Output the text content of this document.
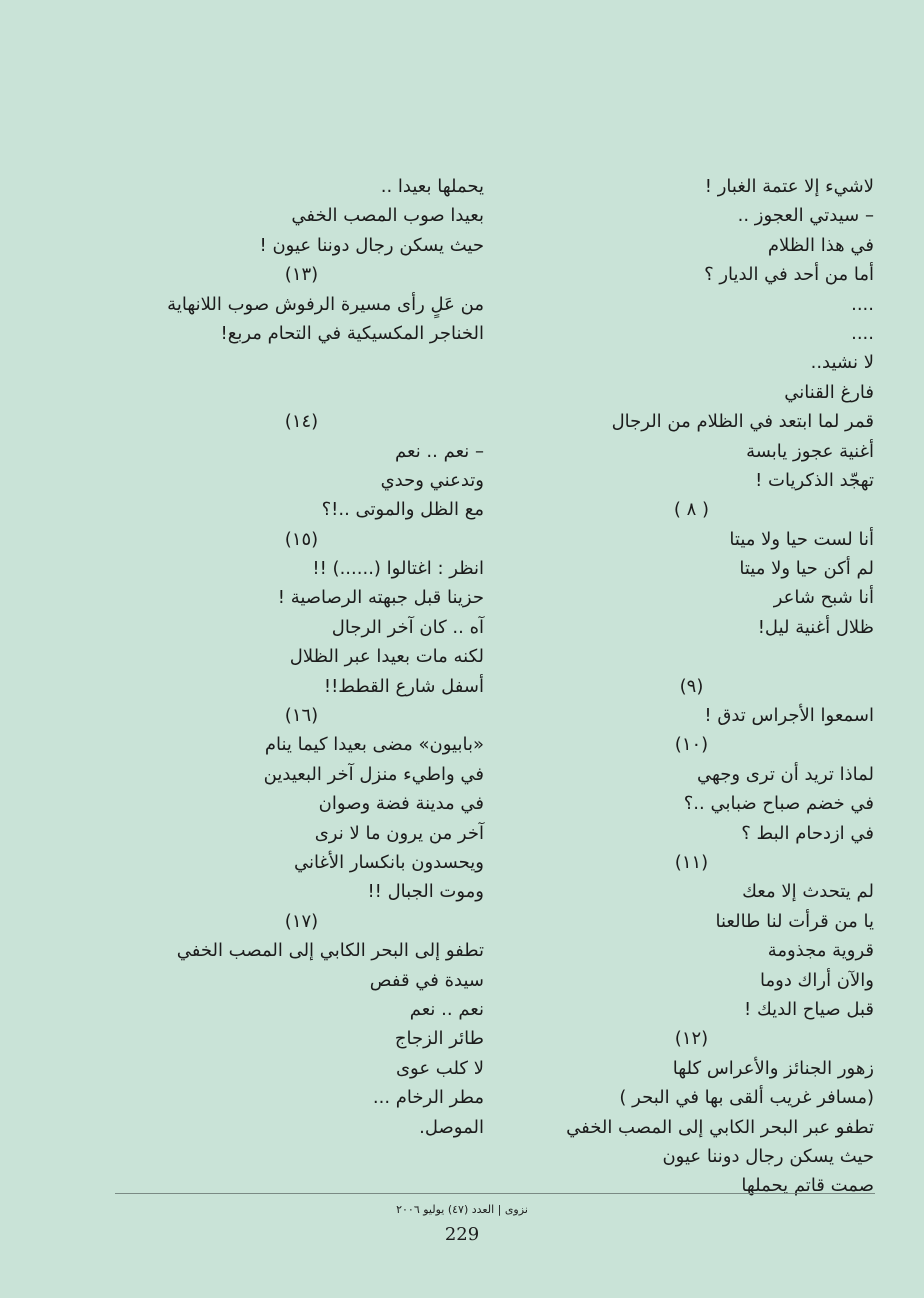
لاشيء إلا عتمة الغبار !
– سيدتي العجوز ..
في هذا الظلام
أما من أحد في الديار ؟
....
....
لا نشيد..
فارغ القناني
قمر لما ابتعد في الظلام من الرجال
أغنية عجوز يابسة
تهجّد الذكريات !
( ٨ )
أنا لست حيا ولا ميتا
لم أكن حيا ولا ميتا
أنا شبح شاعر
ظلال أغنية ليل!
(٩)
اسمعوا الأجراس تدق !
(١٠)
لماذا تريد أن ترى وجهي
في خضم صباح ضبابي ..؟
في ازدحام البط ؟
(١١)
لم يتحدث إلا معك
يا من قرأت لنا طالعنا
قروية مجذومة
والآن أراك دوما
قبل صياح الديك !
(١٢)
زهور الجنائز والأعراس كلها
(مسافر غريب ألقى بها في البحر )
تطفو عبر البحر الكابي إلى المصب الخفي
حيث يسكن رجال دوننا عيون
صمت قاتم يحملها
يحملها بعيدا ..
بعيدا صوب المصب الخفي
حيث يسكن رجال دوننا عيون !
(١٣)
من عَلٍ رأى مسيرة الرفوش صوب اللانهاية
الخناجر المكسيكية في التحام مربع!
(١٤)
– نعم .. نعم
وتدعني وحدي
مع الظل والموتى ..!؟
(١٥)
انظر : اغتالوا (......) !!
حزينا قبل جبهته الرصاصية !
آه .. كان آخر الرجال
لكنه مات بعيدا عبر الظلال
أسفل شارع القطط!!
(١٦)
«بابيون» مضى بعيدا كيما ينام
في واطيء منزل آخر البعيدين
في مدينة فضة وصوان
آخر من يرون ما لا نرى
ويحسدون بانكسار الأغاني
وموت الجبال !!
(١٧)
تطفو إلى البحر الكابي إلى المصب الخفي
سيدة في قفص
نعم .. نعم
طائر الزجاج
لا كلب عوى
مطر الرخام ...
الموصل.
نزوى | العدد (٤٧) يوليو ٢٠٠٦
229
